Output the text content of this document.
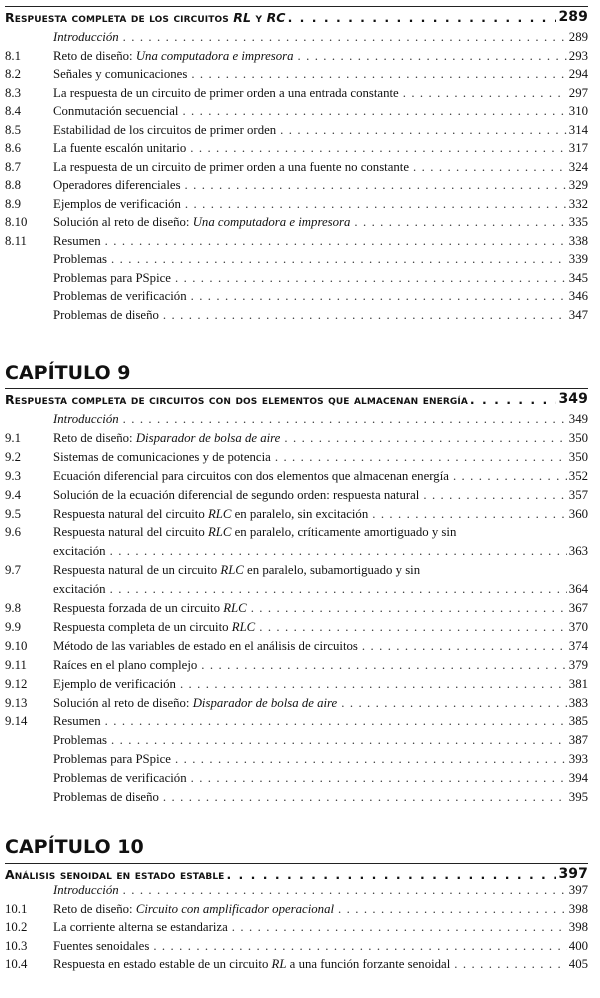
Respuesta completa de los circuitos RL y RC . . .	289
Introducción . . .	289
8.1	Reto de diseño: Una computadora e impresora . . .	293
8.2	Señales y comunicaciones . . .	294
8.3	La respuesta de un circuito de primer orden a una entrada constante . . .	297
8.4	Conmutación secuencial . . .	310
8.5	Estabilidad de los circuitos de primer orden . . .	314
8.6	La fuente escalón unitario . . .	317
8.7	La respuesta de un circuito de primer orden a una fuente no constante . . .	324
8.8	Operadores diferenciales . . .	329
8.9	Ejemplos de verificación . . .	332
8.10	Solución al reto de diseño: Una computadora e impresora . . .	335
8.11	Resumen . . .	338
Problemas . . .	339
Problemas para PSpice . . .	345
Problemas de verificación . . .	346
Problemas de diseño . . .	347
CAPÍTULO 9
Respuesta completa de circuitos con dos elementos que almacenan energía . . .	349
Introducción . . .	349
9.1	Reto de diseño: Disparador de bolsa de aire . . .	350
9.2	Sistemas de comunicaciones y de potencia . . .	350
9.3	Ecuación diferencial para circuitos con dos elementos que almacenan energía . . .	352
9.4	Solución de la ecuación diferencial de segundo orden: respuesta natural . . .	357
9.5	Respuesta natural del circuito RLC en paralelo, sin excitación . . .	360
9.6	Respuesta natural del circuito RLC en paralelo, críticamente amortiguado y sin
excitación . . .	363
9.7	Respuesta natural de un circuito RLC en paralelo, subamortiguado y sin
excitación . . .	364
9.8	Respuesta forzada de un circuito RLC . . .	367
9.9	Respuesta completa de un circuito RLC . . .	370
9.10	Método de las variables de estado en el análisis de circuitos . . .	374
9.11	Raíces en el plano complejo . . .	379
9.12	Ejemplo de verificación . . .	381
9.13	Solución al reto de diseño: Disparador de bolsa de aire . . .	383
9.14	Resumen . . .	385
Problemas . . .	387
Problemas para PSpice . . .	393
Problemas de verificación . . .	394
Problemas de diseño . . .	395
CAPÍTULO 10
Análisis senoidal en estado estable . . .	397
Introducción . . .	397
10.1	Reto de diseño: Circuito con amplificador operacional . . .	398
10.2	La corriente alterna se estandariza . . .	398
10.3	Fuentes senoidales . . .	400
10.4	Respuesta en estado estable de un circuito RL a una función forzante senoidal . . .	405
